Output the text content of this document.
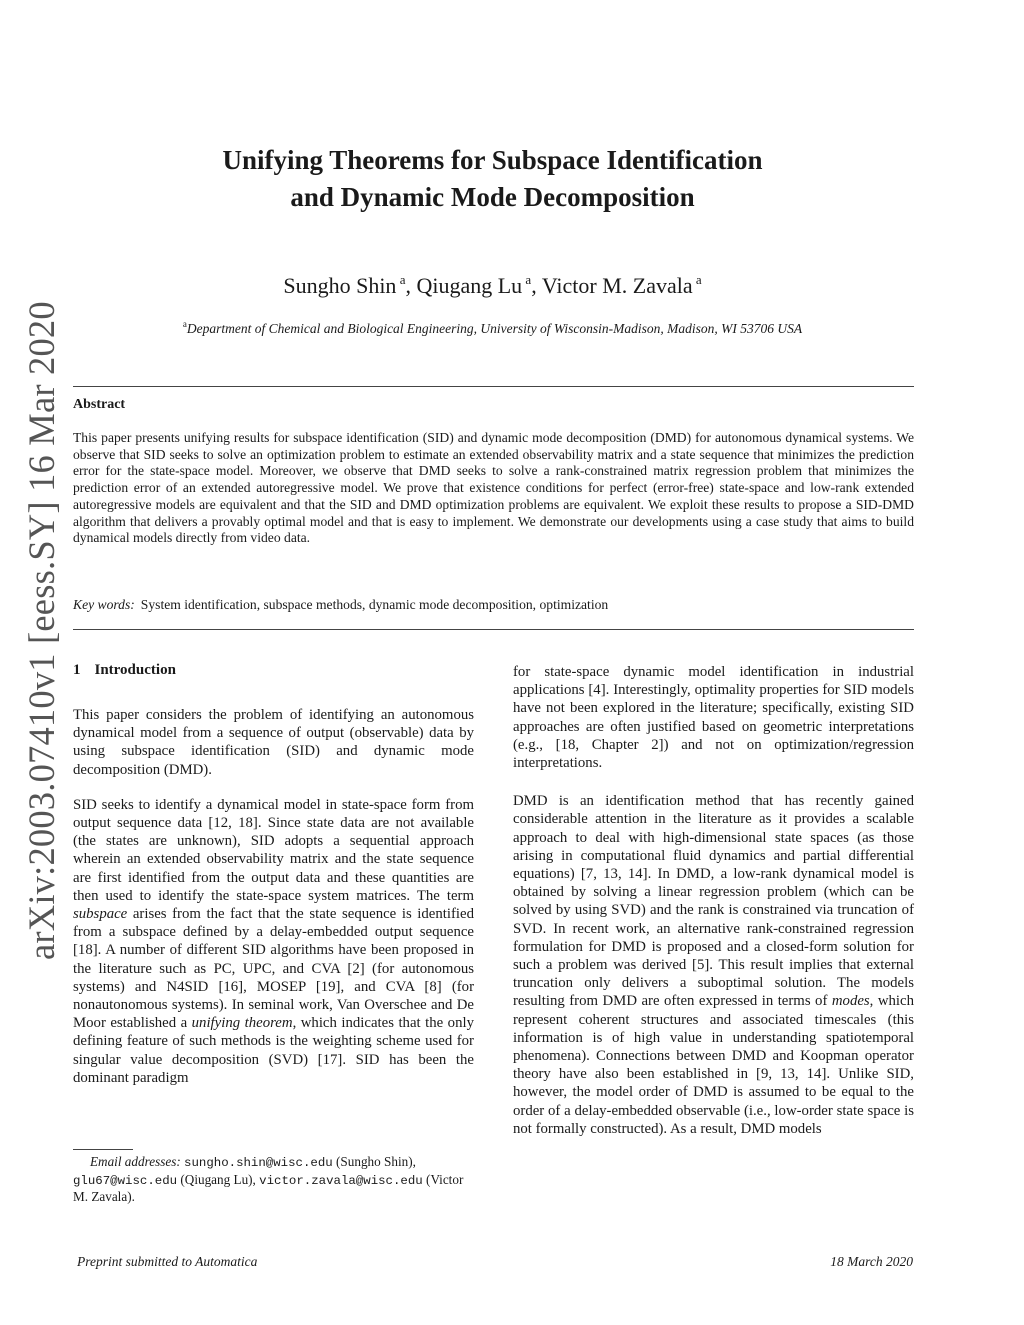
arXiv:2003.07410v1 [eess.SY] 16 Mar 2020
Unifying Theorems for Subspace Identification
and Dynamic Mode Decomposition
Sungho Shin $^a$, Qiugang Lu $^a$, Victor M. Zavala $^a$
$^a$Department of Chemical and Biological Engineering, University of Wisconsin-Madison, Madison, WI 53706 USA
Abstract
This paper presents unifying results for subspace identification (SID) and dynamic mode decomposition (DMD) for autonomous dynamical systems. We observe that SID seeks to solve an optimization problem to estimate an extended observability matrix and a state sequence that minimizes the prediction error for the state-space model. Moreover, we observe that DMD seeks to solve a rank-constrained matrix regression problem that minimizes the prediction error of an extended autoregressive model. We prove that existence conditions for perfect (error-free) state-space and low-rank extended autoregressive models are equivalent and that the SID and DMD optimization problems are equivalent. We exploit these results to propose a SID-DMD algorithm that delivers a provably optimal model and that is easy to implement. We demonstrate our developments using a case study that aims to build dynamical models directly from video data.
Key words: System identification, subspace methods, dynamic mode decomposition, optimization
1 Introduction

This paper considers the problem of identifying an autonomous dynamical model from a sequence of output (observable) data by using subspace identification (SID) and dynamic mode decomposition (DMD).

SID seeks to identify a dynamical model in state-space form from output sequence data [12, 18]. Since state data are not available (the states are unknown), SID adopts a sequential approach wherein an extended observability matrix and the state sequence are first identified from the output data and these quantities are then used to identify the state-space system matrices. The term subspace arises from the fact that the state sequence is identified from a subspace defined by a delay-embedded output sequence [18]. A number of different SID algorithms have been proposed in the literature such as PC, UPC, and CVA [2] (for autonomous systems) and N4SID [16], MOSEP [19], and CVA [8] (for nonautonomous systems). In seminal work, Van Overschee and De Moor established a unifying theorem, which indicates that the only defining feature of such methods is the weighting scheme used for singular value decomposition (SVD) [17]. SID has been the dominant paradigm

Email addresses: sungho.shin@wisc.edu (Sungho Shin), glu67@wisc.edu (Qiugang Lu), victor.zavala@wisc.edu (Victor M. Zavala).

for state-space dynamic model identification in industrial applications [4]. Interestingly, optimality properties for SID models have not been explored in the literature; specifically, existing SID approaches are often justified based on geometric interpretations (e.g., [18, Chapter 2]) and not on optimization/regression interpretations.

DMD is an identification method that has recently gained considerable attention in the literature as it provides a scalable approach to deal with high-dimensional state spaces (as those arising in computational fluid dynamics and partial differential equations) [7, 13, 14]. In DMD, a low-rank dynamical model is obtained by solving a linear regression problem (which can be solved by using SVD) and the rank is constrained via truncation of SVD. In recent work, an alternative rank-constrained regression formulation for DMD is proposed and a closed-form solution for such a problem was derived [5]. This result implies that external truncation only delivers a suboptimal solution. The models resulting from DMD are often expressed in terms of modes, which represent coherent structures and associated timescales (this information is of high value in understanding spatiotemporal phenomena). Connections between DMD and Koopman operator theory have also been established in [9, 13, 14]. Unlike SID, however, the model order of DMD is assumed to be equal to the order of a delay-embedded observable (i.e., low-order state space is not formally constructed). As a result, DMD models

Preprint submitted to Automatica	18 March 2020
